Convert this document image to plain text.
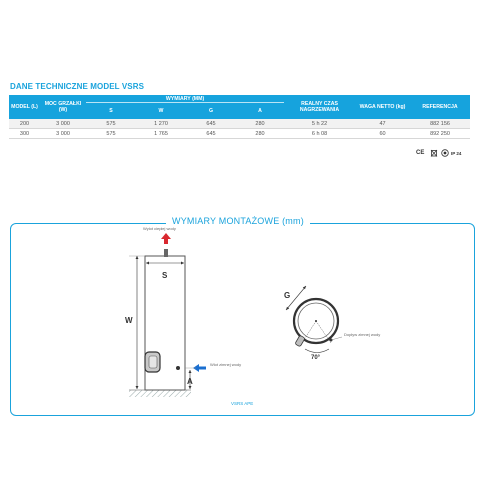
DANE TECHNICZNE MODEL VSRS
MODEL (L)	MOC GRZAŁKI (W)	WYMIARY (MM)				REALNY CZAS NAGRZEWANIA	WAGA NETTO (kg)	REFERENCJA
		S	W	G	A			
200	3 000	575	1 270	645	280	5 h 22	47	882 156
300	3 000	575	1 765	645	280	6 h 08	60	892 250
CE	IP 24
WYMIARY MONTAŻOWE (mm)
Wylot ciepłej wody
S
W
Wlot zimnej wody
A
G
70°
Dopływ zimnej wody
VSRS APE
